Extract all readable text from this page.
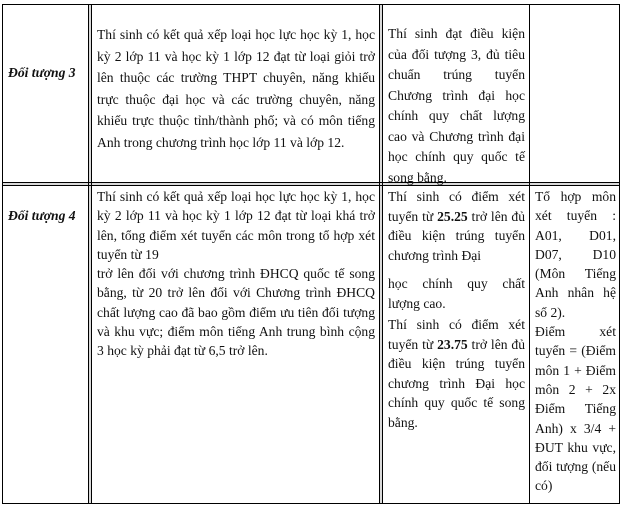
Đối tượng 3
Thí sinh có kết quả xếp loại học lực học kỳ 1, học kỳ 2 lớp 11 và học kỳ 1 lớp 12 đạt từ loại giỏi trở lên thuộc các trường THPT chuyên, năng khiếu trực thuộc đại học và các trường chuyên, năng khiếu trực thuộc tỉnh/thành phố; và có môn tiếng Anh trong chương trình học lớp 11 và lớp 12.
Thí sinh đạt điều kiện của đối tượng 3, đủ tiêu chuẩn trúng tuyển Chương trình đại học chính quy chất lượng cao và Chương trình đại học chính quy quốc tế song bằng.
Đối tượng 4

Thí sinh có kết quả xếp loại học lực học kỳ 1, học kỳ 2 lớp 11 và học kỳ 1 lớp 12 đạt từ loại khá trở lên, tổng điểm xét tuyển các môn trong tổ hợp xét tuyển từ 19

trở lên đối với chương trình ĐHCQ quốc tế song bằng, từ 20 trở lên đối với Chương trình ĐHCQ chất lượng cao đã bao gồm điểm ưu tiên đối tượng và khu vực; điểm môn tiếng Anh trung bình cộng 3 học kỳ phải đạt từ 6,5 trở lên.

Thí sinh có điểm xét tuyển từ 25.25 trở lên đủ điều kiện trúng tuyển chương trình Đại

học chính quy chất lượng cao.

Thí sinh có điểm xét tuyển từ 23.75 trở lên đủ điều kiện trúng tuyển chương trình Đại học chính quy quốc tế song bằng.

Tổ hợp môn xét tuyển : A01, D01, D07, D10 (Môn Tiếng Anh nhân hệ số 2).

Điểm xét tuyển = (Điểm môn 1 + Điểm môn 2 + 2x Điểm Tiếng Anh) x 3/4 + ĐUT khu vực, đối tượng (nếu có)
